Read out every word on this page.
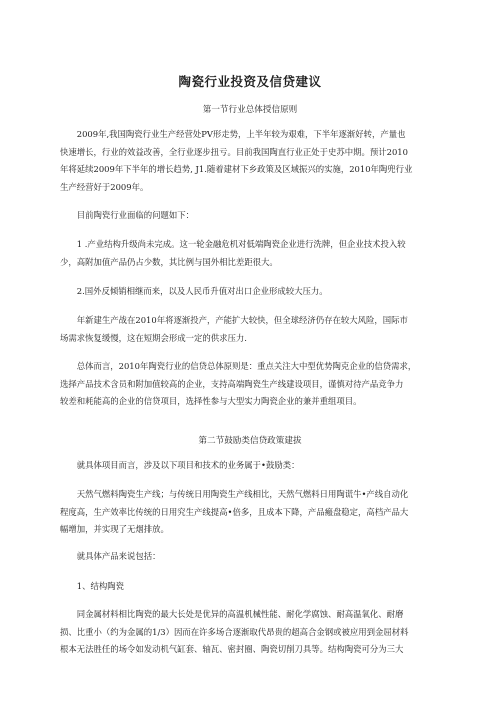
陶瓷行业投资及信贷建议
第一节行业总体授信原则
　　2009年,我国陶瓷行业生产经营处PV形走势，上半年较为艰难，下半年逐渐好转，产量也
快速增长，行业的效益改善，全行业逐步扭亏。目前我国陶直行业正处于史苏中期。预计2010
年将延续2009年下半年的增长趋势, J1.随着建材下乡政策及区域振兴的实施，2010年陶兜行业
生产经营好于2009年。
　　目前陶瓷行业面临的问题如下：
　　1 .产业结构升级尚未完成。这一轮金融危机对低端陶瓷企业进行洗牌，但企业技术投入较
少，高附加值产品仍占少数，其比例与国外相比差距很大。
　　2.国外反倾销相继而来，以及人民币升值对出口企业形成较大压力。
　　年新建生产战在2010年将逐渐投产，产能扩大较快，但全球经济仍存在较大风险，国际市
场需求恢复缓慢，这在短期会形成一定的供求压力.
　　总体而言，2010年陶瓷行业的信贷总体原则是：重点关注大中型优势陶克企业的信贷需求，
选择产品技术含员和附加值较高的企业，支持高端陶瓷生产线建设项目，谨慎对待产品竞争力
较差和耗能高的企业的信贷项目，选择性参与大型实力陶瓷企业的兼并重组项目。
第二节鼓励类信贷政策建拔
　　就具体项目而言，涉及以下项目和技术的业务属于•鼓励类：
　　天然气燃料陶瓷生产线；与传统日用陶瓷生产线相比，天然气燃料日用陶谎牛•产线自动化
程度高，生产效率比传统的日用究生产线提高•倍多，且成本下降，产品瘢盘稳定，高档产品大
幅增加，并实现了无烟排放。
　　就具体产品来说包括：
　　1、结构陶瓷
　　同金属材料相比陶瓷的最大长处是优异的高温机械性能、耐化学腐蚀、耐高温氧化、耐磨
损、比重小（约为金属的1/3）因而在许多场合逐渐取代昂贵的超高合金钢或被应用到金屈材料
根本无法胜任的场令如发动机气缸套、轴瓦、密封圈、陶瓷切削刀具等。结构陶瓷可分为三大
